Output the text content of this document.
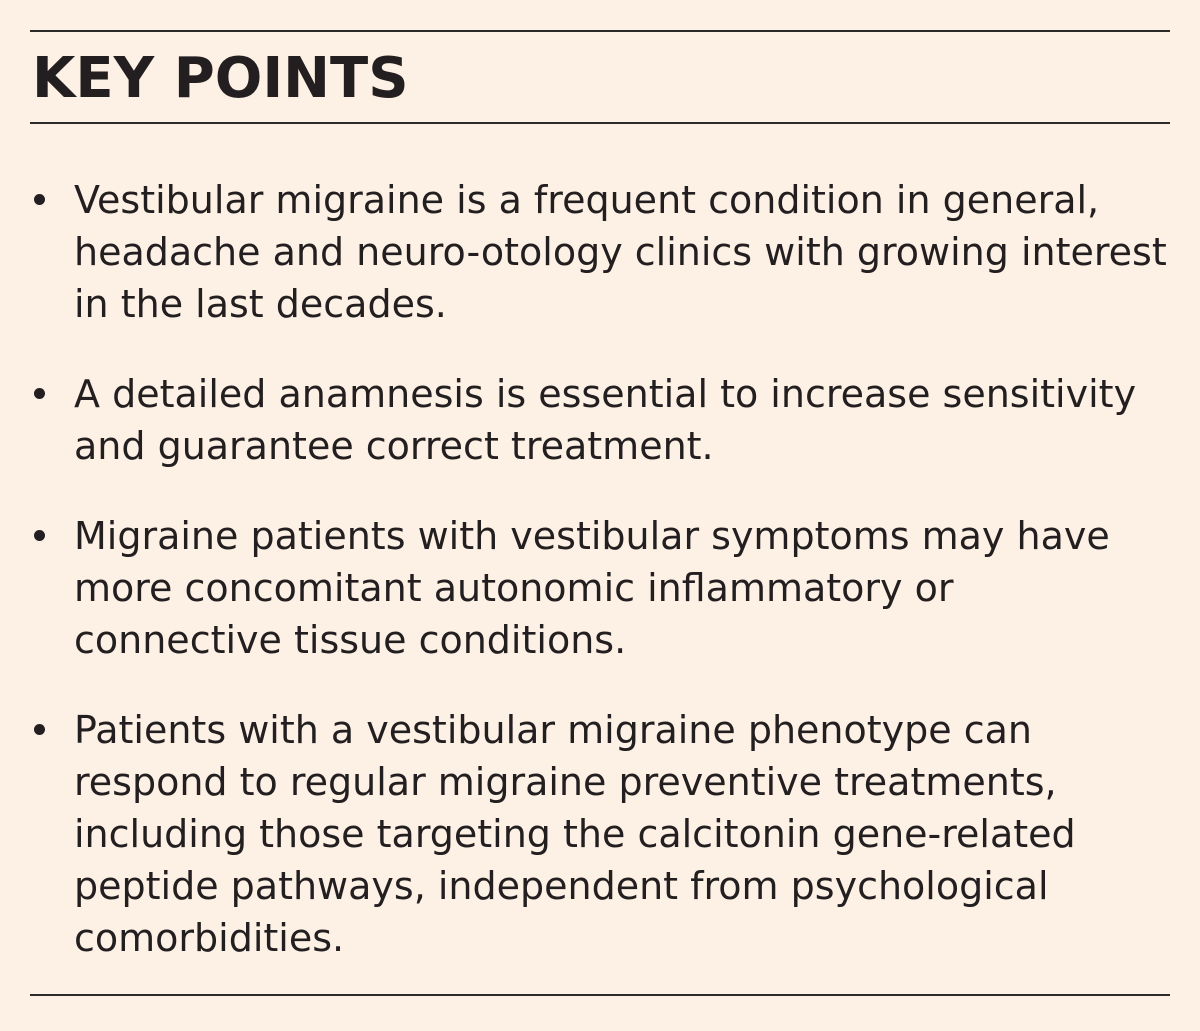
KEY POINTS
Vestibular migraine is a frequent condition in general, headache and neuro-otology clinics with growing interest in the last decades.
A detailed anamnesis is essential to increase sensitivity and guarantee correct treatment.
Migraine patients with vestibular symptoms may have more concomitant autonomic inflammatory or connective tissue conditions.
Patients with a vestibular migraine phenotype can respond to regular migraine preventive treatments, including those targeting the calcitonin gene-related peptide pathways, independent from psychological comorbidities.
